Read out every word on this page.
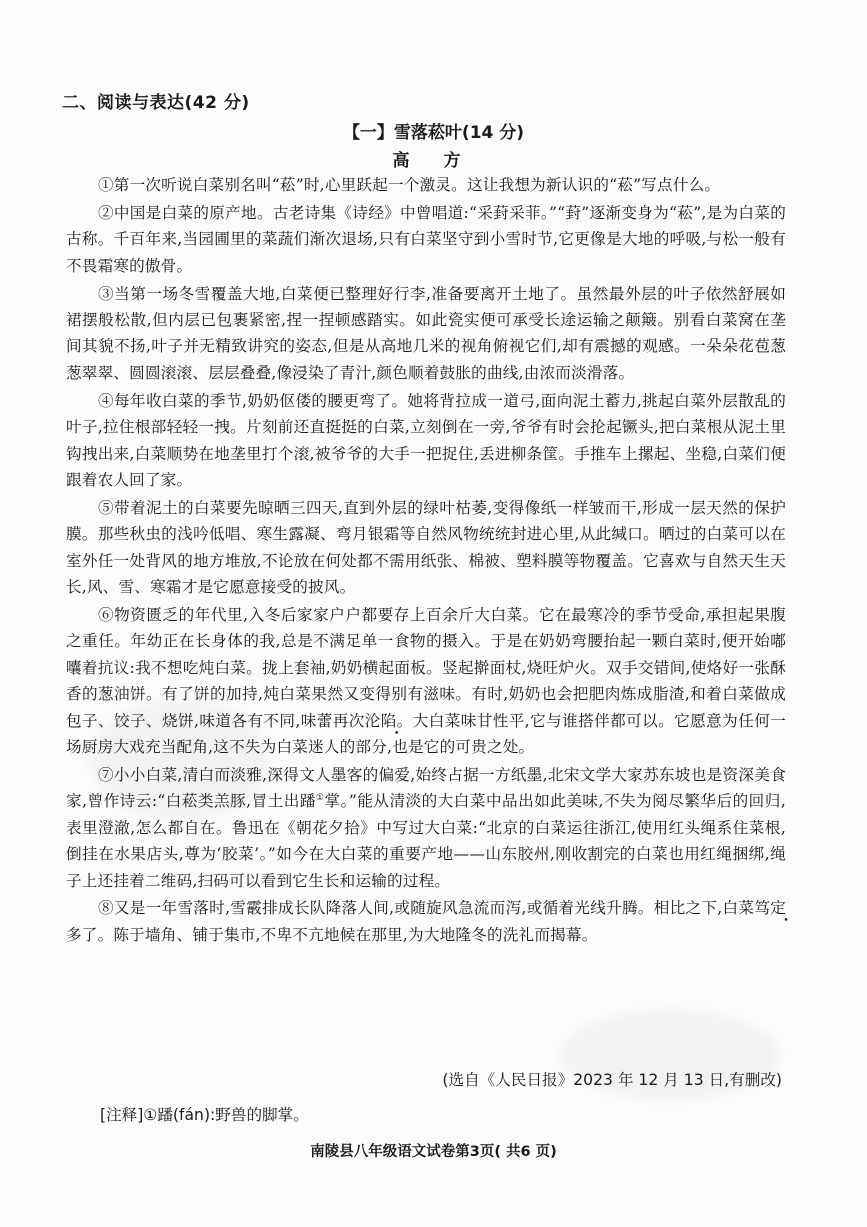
二、阅读与表达(42 分)
【一】雪落菘叶(14 分)
高 方

①第一次听说白菜别名叫“菘”时,心里跃起一个激灵。这让我想为新认识的“菘”写点什么。

②中国是白菜的原产地。古老诗集《诗经》中曾唱道:“采葑采菲。”“葑”逐渐变身为“菘”,是为白菜的古称。千百年来,当园圃里的菜蔬们渐次退场,只有白菜坚守到小雪时节,它更像是大地的呼吸,与松一般有不畏霜寒的傲骨。

③当第一场冬雪覆盖大地,白菜便已整理好行李,准备要离开土地了。虽然最外层的叶子依然舒展如裙摆般松散,但内层已包裹紧密,捏一捏顿感踏实。如此瓷实便可承受长途运输之颠簸。别看白菜窝在垄间其貌不扬,叶子并无精致讲究的姿态,但是从高地几米的视角俯视它们,却有震撼的观感。一朵朵花苞葱葱翠翠、圆圆滚滚、层层叠叠,像浸染了青汁,颜色顺着鼓胀的曲线,由浓而淡滑落。

④每年收白菜的季节,奶奶伛偻的腰更弯了。她将背拉成一道弓,面向泥土蓄力,挑起白菜外层散乱的叶子,拉住根部轻轻一拽。片刻前还直挺挺的白菜,立刻倒在一旁,爷爷有时会抡起镢头,把白菜根从泥土里钩拽出来,白菜顺势在地垄里打个滚,被爷爷的大手一把捉住,丢进柳条筐。手推车上摞起、坐稳,白菜们便跟着农人回了家。

⑤带着泥土的白菜要先晾晒三四天,直到外层的绿叶枯萎,变得像纸一样皱而干,形成一层天然的保护膜。那些秋虫的浅吟低唱、寒生露凝、弯月银霜等自然风物统统封进心里,从此缄口。晒过的白菜可以在室外任一处背风的地方堆放,不论放在何处都不需用纸张、棉被、塑料膜等物覆盖。它喜欢与自然天生天长,风、雪、寒霜才是它愿意接受的披风。

⑥物资匮乏的年代里,入冬后家家户户都要存上百余斤大白菜。它在最寒冷的季节受命,承担起果腹之重任。年幼正在长身体的我,总是不满足单一食物的摄入。于是在奶奶弯腰抬起一颗白菜时,便开始嘟囔着抗议:我不想吃炖白菜。拢上套袖,奶奶横起面板。竖起擀面杖,烧旺炉火。双手交错间,使烙好一张酥香的葱油饼。有了饼的加持,炖白菜果然又变得别有滋味。有时,奶奶也会把肥肉炼成脂渣,和着白菜做成包子、饺子、烧饼,味道各有不同,味蕾再次沦陷。大白菜味甘性平,它与谁搭伴都可以。它愿意为任何一场厨房大戏充当配角,这不失为白菜迷人的部分,也是它的可贵之处。

⑦小小白菜,清白而淡雅,深得文人墨客的偏爱,始终占据一方纸墨,北宋文学大家苏东坡也是资深美食家,曾作诗云:“白菘类羔豚,冒土出蹯①掌。”能从清淡的大白菜中品出如此美味,不失为阅尽繁华后的回归,表里澄澈,怎么都自在。鲁迅在《朝花夕拾》中写过大白菜:“北京的白菜运往浙江,使用红头绳系住菜根,倒挂在水果店头,尊为‘胶菜’。”如今在大白菜的重要产地——山东胶州,刚收割完的白菜也用红绳捆绑,绳子上还挂着二维码,扫码可以看到它生长和运输的过程。

⑧又是一年雪落时,雪霰排成长队降落人间,或随旋风急流而泻,或循着光线升腾。相比之下,白菜笃定多了。陈于墙角、铺于集市,不卑不亢地候在那里,为大地隆冬的洗礼而揭幕。

(选自《人民日报》2023 年 12 月 13 日,有删改)
[注释]①蹯(fán):野兽的脚掌。
南陵县八年级语文试卷第3页( 共6 页)
